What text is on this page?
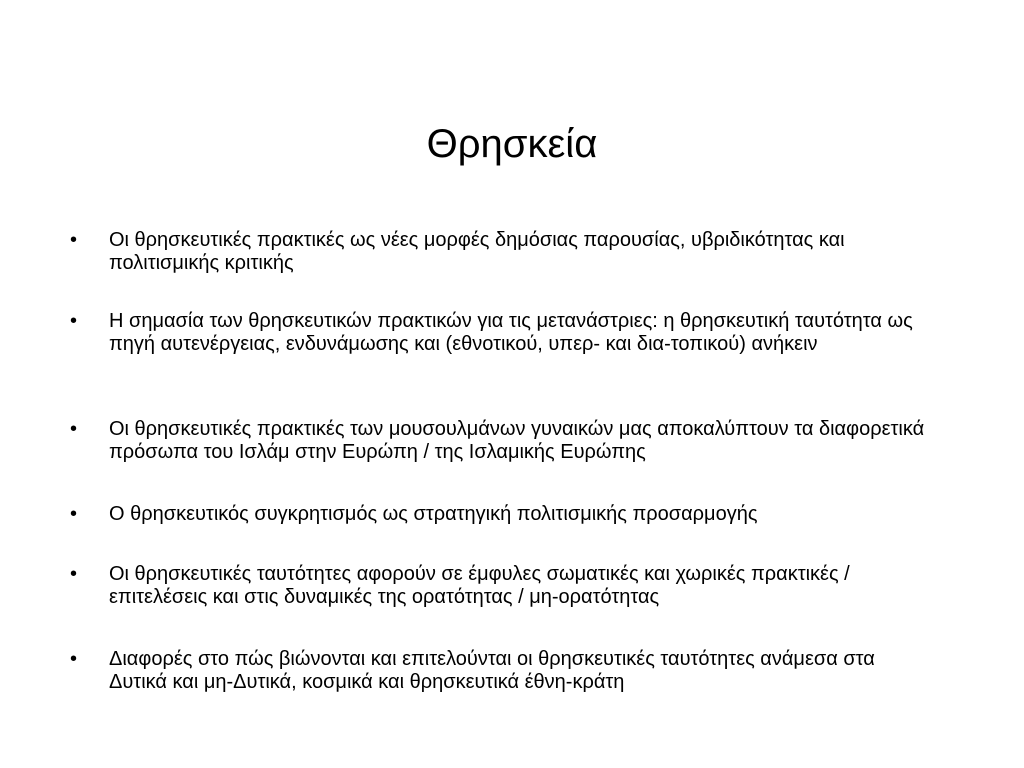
Θρησκεία
•	Οι θρησκευτικές πρακτικές ως νέες μορφές δημόσιας παρουσίας, υβριδικότητας και πολιτισμικής κριτικής
•	Η σημασία των θρησκευτικών πρακτικών για τις μετανάστριες: η θρησκευτική ταυτότητα ως πηγή αυτενέργειας, ενδυνάμωσης και (εθνοτικού, υπερ- και δια-τοπικού) ανήκειν
•	Οι θρησκευτικές πρακτικές των μουσουλμάνων γυναικών μας αποκαλύπτουν τα διαφορετικά πρόσωπα του Ισλάμ στην Ευρώπη / της Ισλαμικής Ευρώπης
•	Ο θρησκευτικός συγκρητισμός ως στρατηγική πολιτισμικής προσαρμογής
•	Οι θρησκευτικές ταυτότητες αφορούν σε έμφυλες σωματικές και χωρικές πρακτικές / επιτελέσεις και στις δυναμικές της ορατότητας / μη-ορατότητας
•	Διαφορές στο πώς βιώνονται και επιτελούνται οι θρησκευτικές ταυτότητες ανάμεσα στα Δυτικά και μη-Δυτικά, κοσμικά και θρησκευτικά έθνη-κράτη
